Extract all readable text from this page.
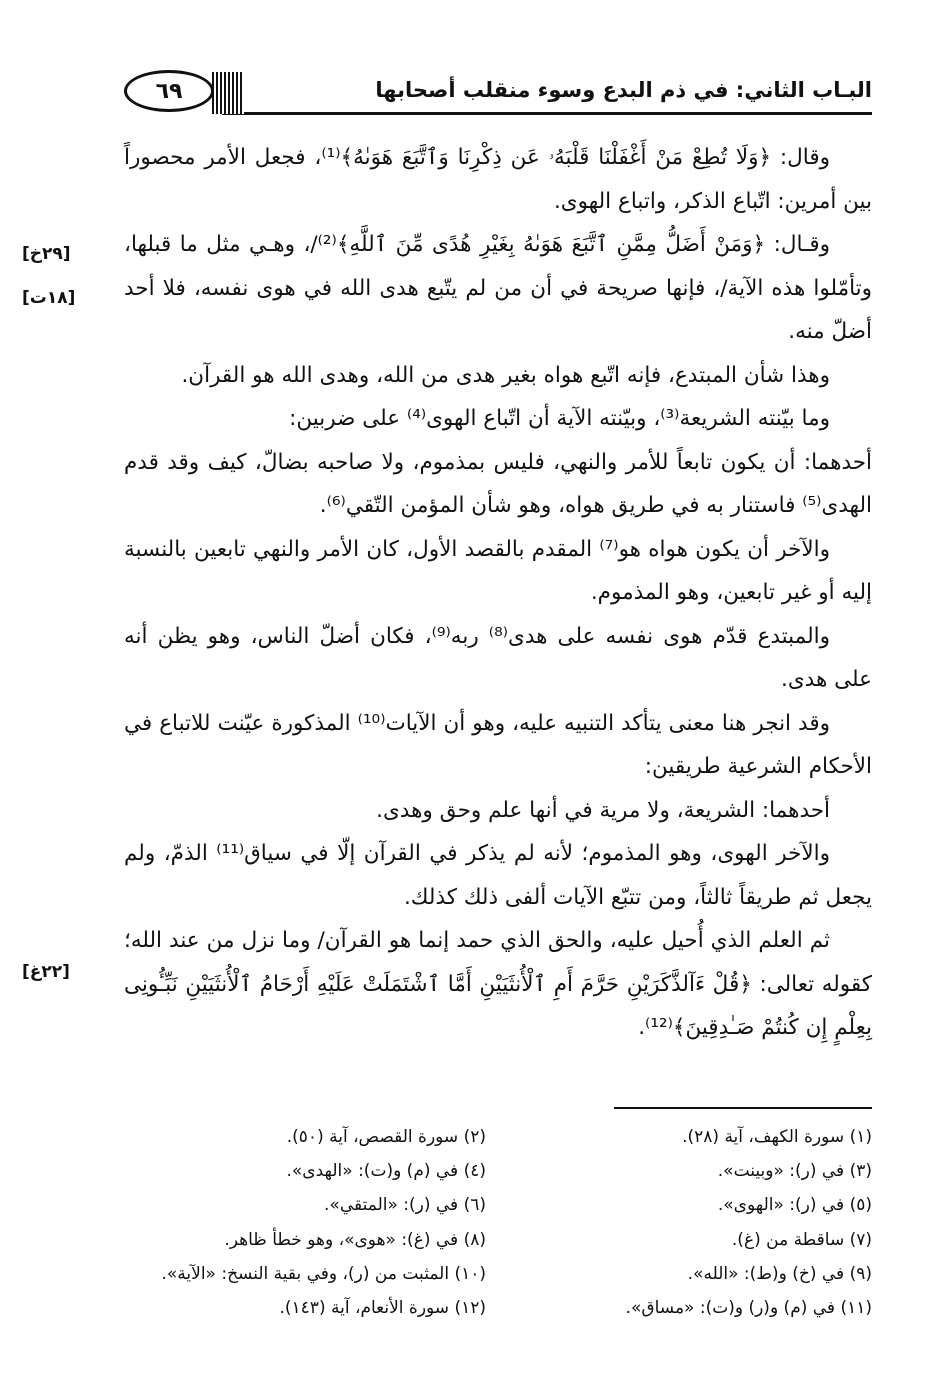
البـاب الثاني: في ذم البدع وسوء منقلب أصحابها
٦٩
[٢٩خ]
[١٨ت]
[٢٢غ]

وقال: ﴿وَلَا تُطِعْ مَنْ أَغْفَلْنَا قَلْبَهُۥ عَن ذِكْرِنَا وَٱتَّبَعَ هَوَىٰهُ﴾⁽¹⁾، فجعل الأمر محصوراً بين أمرين: اتّباع الذكر، واتباع الهوى.

وقـال: ﴿وَمَنْ أَضَلُّ مِمَّنِ ٱتَّبَعَ هَوَىٰهُ بِغَيْرِ هُدًى مِّنَ ٱللَّهِ﴾⁽²⁾/، وهـي مثل ما قبلها، وتأمّلوا هذه الآية/، فإنها صريحة في أن من لم يتّبع هدى الله في هوى نفسه، فلا أحد أضلّ منه.

وهذا شأن المبتدع، فإنه اتّبع هواه بغير هدى من الله، وهدى الله هو القرآن.

وما بيّنته الشريعة⁽³⁾، وبيّنته الآية أن اتّباع الهوى⁽⁴⁾ على ضربين:

أحدهما: أن يكون تابعاً للأمر والنهي، فليس بمذموم، ولا صاحبه بضالّ، كيف وقد قدم الهدى⁽⁵⁾ فاستنار به في طريق هواه، وهو شأن المؤمن التّقي⁽⁶⁾.

والآخر أن يكون هواه هو⁽⁷⁾ المقدم بالقصد الأول، كان الأمر والنهي تابعين بالنسبة إليه أو غير تابعين، وهو المذموم.

والمبتدع قدّم هوى نفسه على هدى⁽⁸⁾ ربه⁽⁹⁾، فكان أضلّ الناس، وهو يظن أنه على هدى.

وقد انجر هنا معنى يتأكد التنبيه عليه، وهو أن الآيات⁽¹⁰⁾ المذكورة عيّنت للاتباع في الأحكام الشرعية طريقين:

أحدهما: الشريعة، ولا مرية في أنها علم وحق وهدى.

والآخر الهوى، وهو المذموم؛ لأنه لم يذكر في القرآن إلّا في سياق⁽¹¹⁾ الذمّ، ولم يجعل ثم طريقاً ثالثاً، ومن تتبّع الآيات ألفى ذلك كذلك.

ثم العلم الذي أُحيل عليه، والحق الذي حمد إنما هو القرآن/ وما نزل من عند الله؛ كقوله تعالى: ﴿قُلْ ءَآلذَّكَرَيْنِ حَرَّمَ أَمِ ٱلْأُنثَيَيْنِ أَمَّا ٱشْتَمَلَتْ عَلَيْهِ أَرْحَامُ ٱلْأُنثَيَيْنِ نَبِّـُٔونِى بِعِلْمٍ إِن كُنتُمْ صَـٰدِقِينَ﴾⁽¹²⁾.

(١) سورة الكهف، آية (٢٨).
(٢) سورة القصص، آية (٥٠).
(٣) في (ر): «وبينت».
(٤) في (م) و(ت): «الهدى».
(٥) في (ر): «الهوى».
(٦) في (ر): «المتقي».
(٧) ساقطة من (غ).
(٨) في (غ): «هوى»، وهو خطأ ظاهر.
(٩) في (خ) و(ط): «الله».
(١٠) المثبت من (ر)، وفي بقية النسخ: «الآية».
(١١) في (م) و(ر) و(ت): «مساق».
(١٢) سورة الأنعام، آية (١٤٣).
